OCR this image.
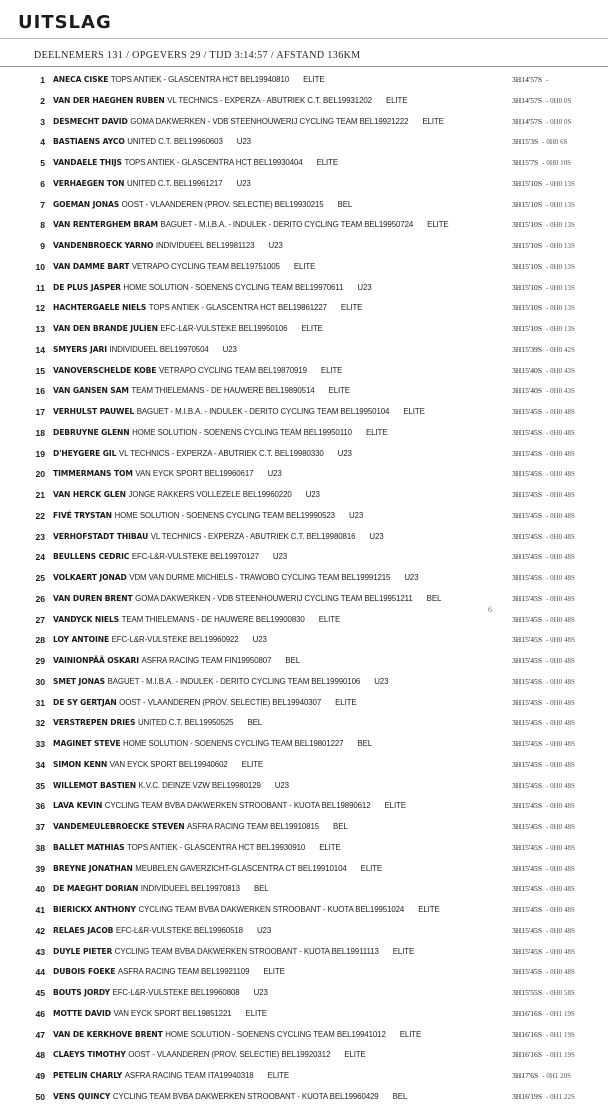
UITSLAG
DEELNEMERS 131 / OPGEVERS 29 / TIJD 3:14:57 / AFSTAND 136KM
1 ANECA CISKE TOPS ANTIEK - GLASCENTRA HCT BEL19940810 ELITE	3H14'57S -
2 VAN DER HAEGHEN RUBEN VL TECHNICS - EXPERZA - ABUTRIEK C.T. BEL19931202 ELITE	3H14'57S - 0H0 0S
3 DESMECHT DAVID GOMA DAKWERKEN - VDB STEENHOUWERIJ CYCLING TEAM BEL19921222 ELITE	3H14'57S - 0H0 0S
4 BASTIAENS AYCO UNITED C.T. BEL19960603 U23	3H15'3S - 0H0 6S
5 VANDAELE THIJS TOPS ANTIEK - GLASCENTRA HCT BEL19930404 ELITE	3H15'7S - 0H0 10S
6 VERHAEGEN TON UNITED C.T. BEL19961217 U23	3H15'10S - 0H0 13S
7 GOEMAN JONAS OOST - VLAANDEREN (PROV. SELECTIE) BEL19930215 BEL	3H15'10S - 0H0 13S
8 VAN RENTERGHEM BRAM BAGUET - M.I.B.A. - INDULEK - DERITO CYCLING TEAM BEL19950724 ELITE	3H15'10S - 0H0 13S
9 VANDENBROECK YARNO INDIVIDUEEL BEL19981123 U23	3H15'10S - 0H0 13S
10 VAN DAMME BART VETRAPO CYCLING TEAM BEL19751005 ELITE	3H15'10S - 0H0 13S
11 DE PLUS JASPER HOME SOLUTION - SOENENS CYCLING TEAM BEL19970611 U23	3H15'10S - 0H0 13S
12 HACHTERGAELE NIELS TOPS ANTIEK - GLASCENTRA HCT BEL19861227 ELITE	3H15'10S - 0H0 13S
13 VAN DEN BRANDE JULIEN EFC-L&R-VULSTEKE BEL19950106 ELITE	3H15'10S - 0H0 13S
14 SMYERS JARI INDIVIDUEEL BEL19970504 U23	3H15'39S - 0H0 42S
15 VANOVERSCHELDE KOBE VETRAPO CYCLING TEAM BEL19870919 ELITE	3H15'40S - 0H0 43S
16 VAN GANSEN SAM TEAM THIELEMANS - DE HAUWERE BEL19890514 ELITE	3H15'40S - 0H0 43S
17 VERHULST PAUWEL BAGUET - M.I.B.A. - INDULEK - DERITO CYCLING TEAM BEL19950104 ELITE	3H15'45S - 0H0 48S
18 DEBRUYNE GLENN HOME SOLUTION - SOENENS CYCLING TEAM BEL19950110 ELITE	3H15'45S - 0H0 48S
19 D'HEYGERE GIL VL TECHNICS - EXPERZA - ABUTRIEK C.T. BEL19980330 U23	3H15'45S - 0H0 48S
20 TIMMERMANS TOM VAN EYCK SPORT BEL19960617 U23	3H15'45S - 0H0 48S
21 VAN HERCK GLEN JONGE RAKKERS VOLLEZELE BEL19960220 U23	3H15'45S - 0H0 48S
22 FIVÉ TRYSTAN HOME SOLUTION - SOENENS CYCLING TEAM BEL19990523 U23	3H15'45S - 0H0 48S
23 VERHOFSTADT THIBAU VL TECHNICS - EXPERZA - ABUTRIEK C.T. BEL19980816 U23	3H15'45S - 0H0 48S
24 BEULLENS CEDRIC EFC-L&R-VULSTEKE BEL19970127 U23	3H15'45S - 0H0 48S
25 VOLKAERT JONAD VDM VAN DURME MICHIELS - TRAWOBO CYCLING TEAM BEL19991215 U23	3H15'45S - 0H0 48S
26 VAN DUREN BRENT GOMA DAKWERKEN - VDB STEENHOUWERIJ CYCLING TEAM BEL19951211 BEL	3H15'45S - 0H0 48S
27 VANDYCK NIELS TEAM THIELEMANS - DE HAUWERE BEL19900830 ELITE	3H15'45S - 0H0 48S
28 LOY ANTOINE EFC-L&R-VULSTEKE BEL19960922 U23	3H15'45S - 0H0 48S
29 VAINIONPÄÄ OSKARI ASFRA RACING TEAM FIN19950807 BEL	3H15'45S - 0H0 48S
30 SMET JONAS BAGUET - M.I.B.A. - INDULEK - DERITO CYCLING TEAM BEL19990106 U23	3H15'45S - 0H0 48S
31 DE SY GERTJAN OOST - VLAANDEREN (PROV. SELECTIE) BEL19940307 ELITE	3H15'45S - 0H0 48S
32 VERSTREPEN DRIES UNITED C.T. BEL19950525 BEL	3H15'45S - 0H0 48S
33 MAGINET STEVE HOME SOLUTION - SOENENS CYCLING TEAM BEL19801227 BEL	3H15'45S - 0H0 48S
34 SIMON KENN VAN EYCK SPORT BEL19940602 ELITE	3H15'45S - 0H0 48S
35 WILLEMOT BASTIEN K.V.C. DEINZE VZW BEL19980129 U23	3H15'45S - 0H0 48S
36 LAVA KEVIN CYCLING TEAM BVBA DAKWERKEN STROOBANT - KUOTA BEL19890612 ELITE	3H15'45S - 0H0 48S
37 VANDEMEULEBROECKE STEVEN ASFRA RACING TEAM BEL19910815 BEL	3H15'45S - 0H0 48S
38 BALLET MATHIAS TOPS ANTIEK - GLASCENTRA HCT BEL19930910 ELITE	3H15'45S - 0H0 48S
39 BREYNE JONATHAN MEUBELEN GAVERZICHT-GLASCENTRA CT BEL19910104 ELITE	3H15'45S - 0H0 48S
40 DE MAEGHT DORIAN INDIVIDUEEL BEL19970813 BEL	3H15'45S - 0H0 48S
41 BIERICKX ANTHONY CYCLING TEAM BVBA DAKWERKEN STROOBANT - KUOTA BEL19951024 ELITE	3H15'45S - 0H0 48S
42 RELAES JACOB EFC-L&R-VULSTEKE BEL19960518 U23	3H15'45S - 0H0 48S
43 DUYLE PIETER CYCLING TEAM BVBA DAKWERKEN STROOBANT - KUOTA BEL19911113 ELITE	3H15'45S - 0H0 48S
44 DUBOIS FOEKE ASFRA RACING TEAM BEL19921109 ELITE	3H15'45S - 0H0 48S
45 BOUTS JORDY EFC-L&R-VULSTEKE BEL19960808 U23	3H15'55S - 0H0 58S
46 MOTTE DAVID VAN EYCK SPORT BEL19851221 ELITE	3H16'16S - 0H1 19S
47 VAN DE KERKHOVE BRENT HOME SOLUTION - SOENENS CYCLING TEAM BEL19941012 ELITE	3H16'16S - 0H1 19S
48 CLAEYS TIMOTHY OOST - VLAANDEREN (PROV. SELECTIE) BEL19920312 ELITE	3H16'16S - 0H1 19S
49 PETELIN CHARLY ASFRA RACING TEAM ITA19940318 ELITE	3H17'6S - 0H1 20S
50 VENS QUINCY CYCLING TEAM BVBA DAKWERKEN STROOBANT - KUOTA BEL19960429 BEL	3H16'19S - 0H1 22S
6
